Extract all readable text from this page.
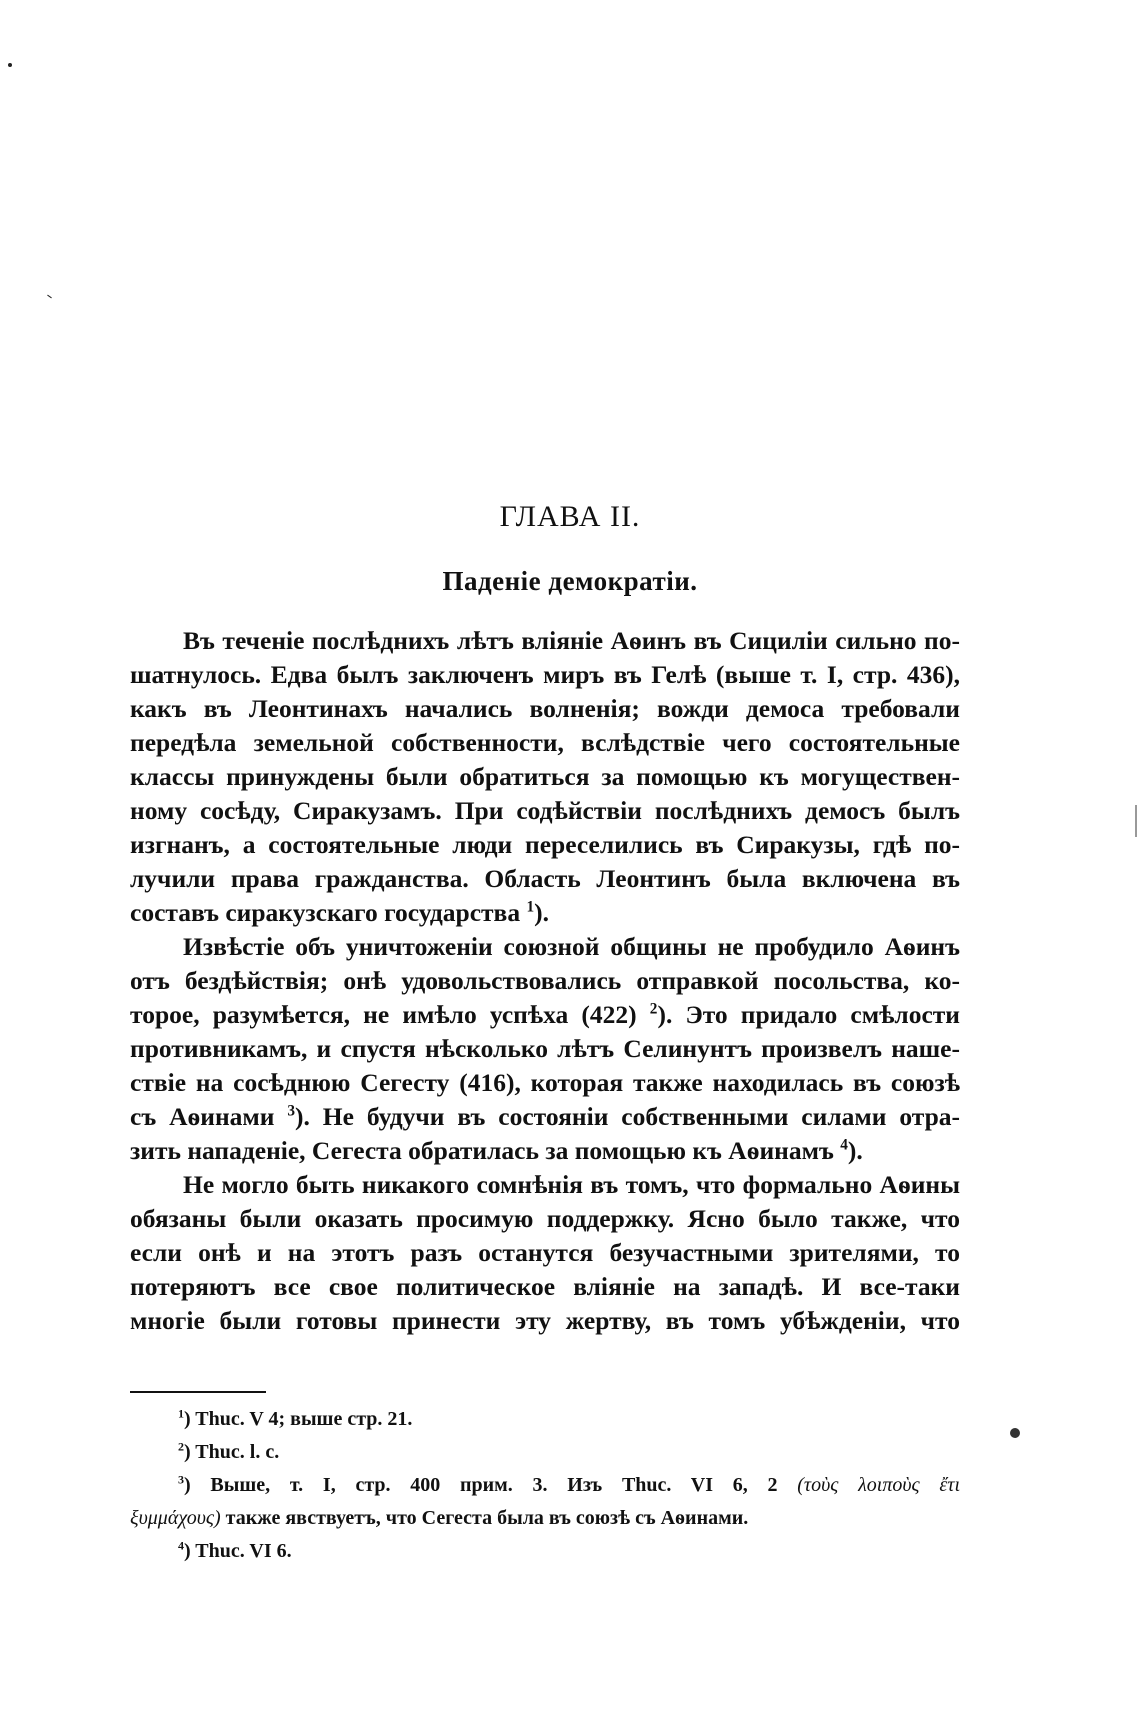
ГЛАВА II.
Паденіе демократіи.
Въ теченіе послѣднихъ лѣтъ вліяніе Аѳинъ въ Сициліи сильно по-
шатнулось. Едва былъ заключенъ миръ въ Гелѣ (выше т. I, стр. 436),
какъ въ Леонтинахъ начались волненія; вожди демоса требовали
передѣла земельной собственности, вслѣдствіе чего состоятельные
классы принуждены были обратиться за помощью къ могуществен-
ному сосѣду, Сиракузамъ. При содѣйствіи послѣднихъ демосъ былъ
изгнанъ, а состоятельные люди переселились въ Сиракузы, гдѣ по-
лучили права гражданства. Область Леонтинъ была включена въ
составъ сиракузскаго государства $^1$).
Извѣстіе объ уничтоженіи союзной общины не пробудило Аѳинъ
отъ бездѣйствія; онѣ удовольствовались отправкой посольства, ко-
торое, разумѣется, не имѣло успѣха (422) $^2$). Это придало смѣлости
противникамъ, и спустя нѣсколько лѣтъ Селинунтъ произвелъ наше-
ствіе на сосѣднюю Сегесту (416), которая также находилась въ союзѣ
съ Аѳинами $^3$). Не будучи въ состояніи собственными силами отра-
зить нападеніе, Сегеста обратилась за помощью къ Аѳинамъ $^4$).
Не могло быть никакого сомнѣнія въ томъ, что формально Аѳины
обязаны были оказать просимую поддержку. Ясно было также, что
если онѣ и на этотъ разъ останутся безучастными зрителями, то
потеряютъ все свое политическое вліяніе на западѣ. И все-таки
многіе были готовы принести эту жертву, въ томъ убѣжденіи, что
$^1$) Thuc. V 4; выше стр. 21.
$^2$) Thuc. l. c.
$^3$) Выше, т. I, стр. 400 прим. 3. Изъ Thuc. VI 6, 2 (τοὺς λοιποὺς ἔτι
ξυμμάχους) также явствуетъ, что Сегеста была въ союзѣ съ Аѳинами.
$^4$) Thuc. VI 6.
